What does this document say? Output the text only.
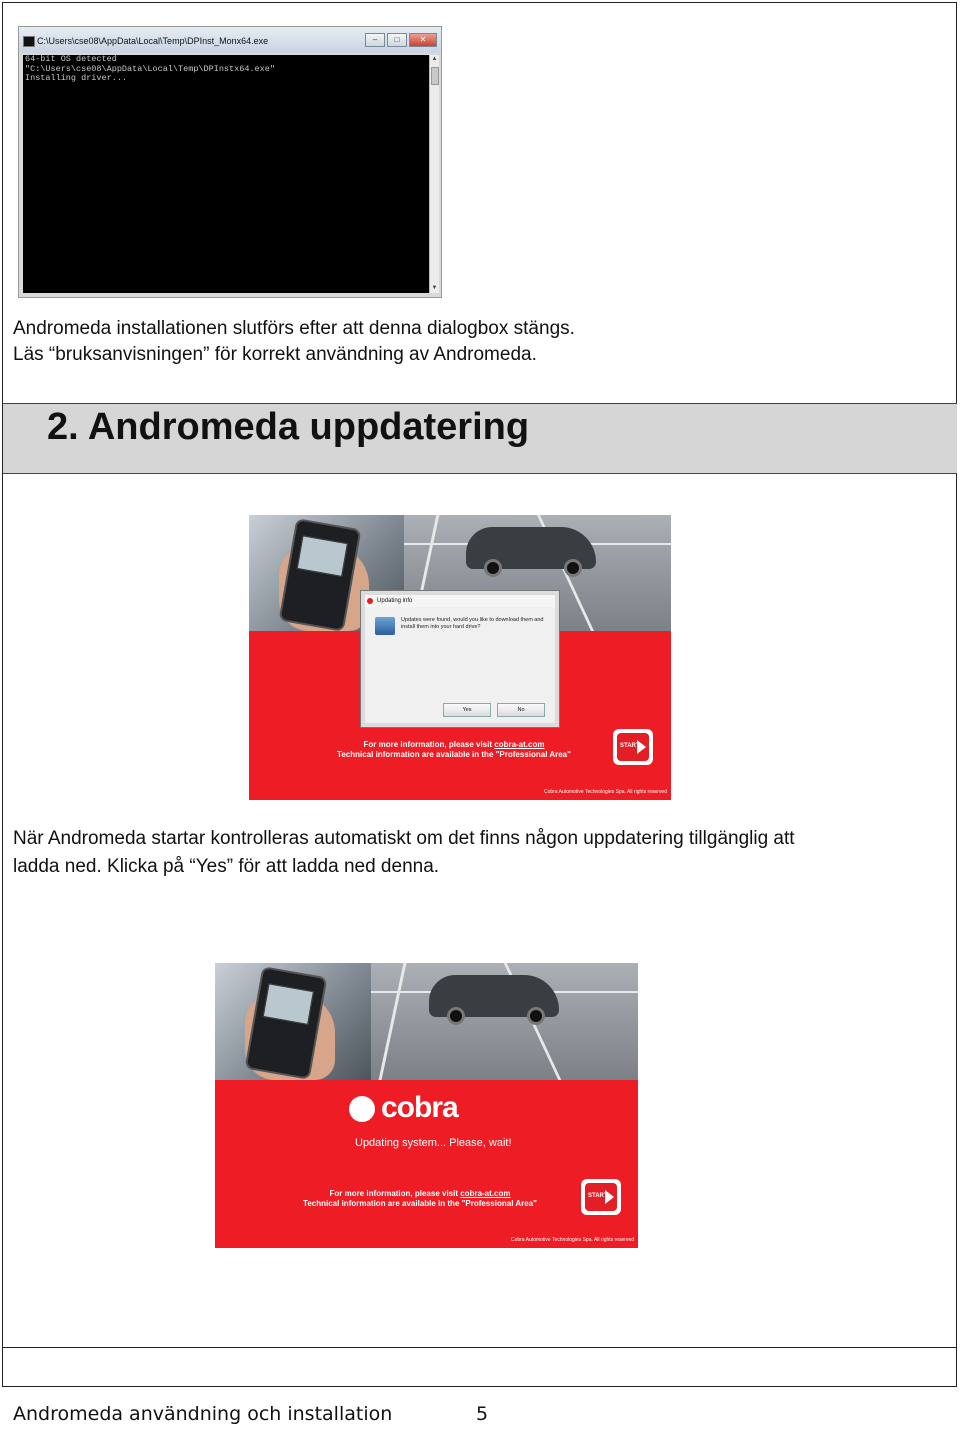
C:\Users\cse08\AppData\Local\Temp\DPInst_Monx64.exe	–	□	✕
64-bit OS detected
"C:\Users\cse08\AppData\Local\Temp\DPInstx64.exe"
Installing driver...
▲
▼
Andromeda installationen slutförs efter att denna dialogbox stängs.
Läs “bruksanvisningen” för korrekt användning av Andromeda.
2. Andromeda uppdatering
Updating info
Updates were found, would you like to download them and
install them into your hard drive?
Yes	No
For more information, please visit cobra-at.com
Technical information are available in the "Professional Area"
START
Cobra Automotive Technologies Spa. All rights reserved
När Andromeda startar kontrolleras automatiskt om det finns någon uppdatering tillgänglig att
ladda ned. Klicka på “Yes” för att ladda ned denna.
cobra
Updating system... Please, wait!
For more information, please visit cobra-at.com
Technical information are available in the "Professional Area"
START
Cobra Automotive Technologies Spa. All rights reserved
Andromeda användning och installation	5
